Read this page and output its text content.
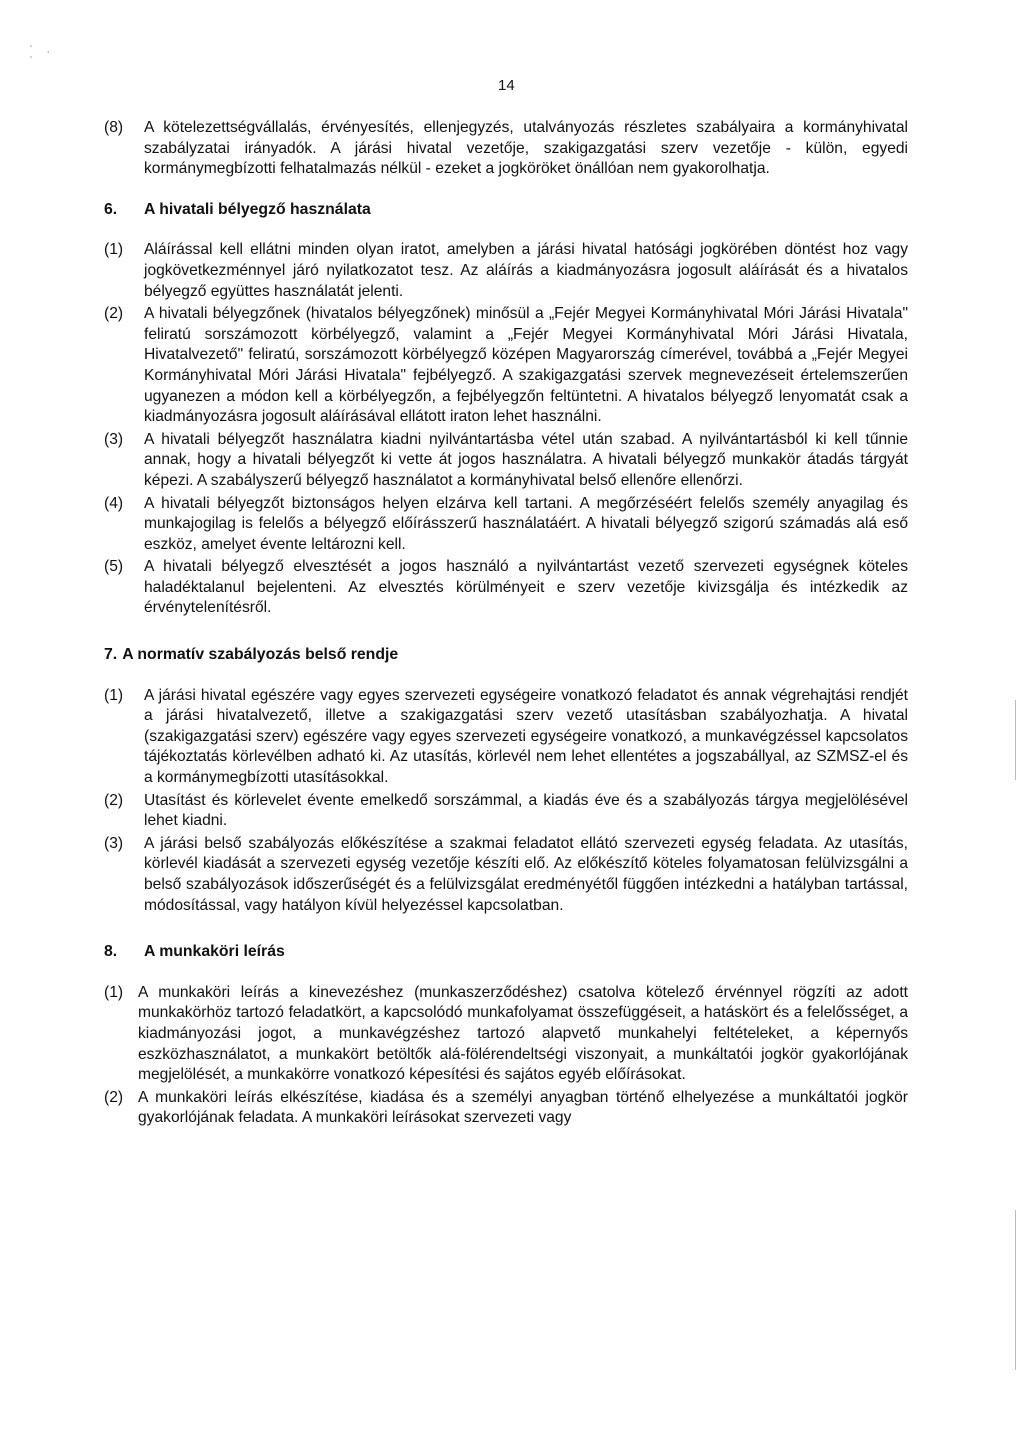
' , '
14
(8)	A kötelezettségvállalás, érvényesítés, ellenjegyzés, utalványozás részletes szabályaira a kormányhivatal szabályzatai irányadók. A járási hivatal vezetője, szakigazgatási szerv vezetője - külön, egyedi kormánymegbízotti felhatalmazás nélkül - ezeket a jogköröket önállóan nem gyakorolhatja.
6.	A hivatali bélyegző használata
(1)	Aláírással kell ellátni minden olyan iratot, amelyben a járási hivatal hatósági jogkörében döntést hoz vagy jogkövetkezménnyel járó nyilatkozatot tesz. Az aláírás a kiadmányozásra jogosult aláírását és a hivatalos bélyegző együttes használatát jelenti.
(2)	A hivatali bélyegzőnek (hivatalos bélyegzőnek) minősül a „Fejér Megyei Kormányhivatal Móri Járási Hivatala" feliratú sorszámozott körbélyegző, valamint a „Fejér Megyei Kormányhivatal Móri Járási Hivatala, Hivatalvezető" feliratú, sorszámozott körbélyegző középen Magyarország címerével, továbbá a „Fejér Megyei Kormányhivatal Móri Járási Hivatala" fejbélyegző. A szakigazgatási szervek megnevezéseit értelemszerűen ugyanezen a módon kell a körbélyegzőn, a fejbélyegzőn feltüntetni. A hivatalos bélyegző lenyomatát csak a kiadmányozásra jogosult aláírásával ellátott iraton lehet használni.
(3)	A hivatali bélyegzőt használatra kiadni nyilvántartásba vétel után szabad. A nyilvántartásból ki kell tűnnie annak, hogy a hivatali bélyegzőt ki vette át jogos használatra. A hivatali bélyegző munkakör átadás tárgyát képezi. A szabályszerű bélyegző használatot a kormányhivatal belső ellenőre ellenőrzi.
(4)	A hivatali bélyegzőt biztonságos helyen elzárva kell tartani. A megőrzéséért felelős személy anyagilag és munkajogilag is felelős a bélyegző előírásszerű használatáért. A hivatali bélyegző szigorú számadás alá eső eszköz, amelyet évente leltározni kell.
(5)	A hivatali bélyegző elvesztését a jogos használó a nyilvántartást vezető szervezeti egységnek köteles haladéktalanul bejelenteni. Az elvesztés körülményeit e szerv vezetője kivizsgálja és intézkedik az érvénytelenítésről.
7. A normatív szabályozás belső rendje
(1)	A járási hivatal egészére vagy egyes szervezeti egységeire vonatkozó feladatot és annak végrehajtási rendjét a járási hivatalvezető, illetve a szakigazgatási szerv vezető utasításban szabályozhatja. A hivatal (szakigazgatási szerv) egészére vagy egyes szervezeti egységeire vonatkozó, a munkavégzéssel kapcsolatos tájékoztatás körlevélben adható ki. Az utasítás, körlevél nem lehet ellentétes a jogszabállyal, az SZMSZ-el és a kormánymegbízotti utasításokkal.
(2)	Utasítást és körlevelet évente emelkedő sorszámmal, a kiadás éve és a szabályozás tárgya megjelölésével lehet kiadni.
(3)	A járási belső szabályozás előkészítése a szakmai feladatot ellátó szervezeti egység feladata. Az utasítás, körlevél kiadását a szervezeti egység vezetője készíti elő. Az előkészítő köteles folyamatosan felülvizsgálni a belső szabályozások időszerűségét és a felülvizsgálat eredményétől függően intézkedni a hatályban tartással, módosítással, vagy hatályon kívül helyezéssel kapcsolatban.
8.	A munkaköri leírás
(1) A munkaköri leírás a kinevezéshez (munkaszerződéshez) csatolva kötelező érvénnyel rögzíti az adott munkakörhöz tartozó feladatkört, a kapcsolódó munkafolyamat összefüggéseit, a hatáskört és a felelősséget, a kiadmányozási jogot, a munkavégzéshez tartozó alapvető munkahelyi feltételeket, a képernyős eszközhasználatot, a munkakört betöltők alá-fölérendeltségi viszonyait, a munkáltatói jogkör gyakorlójának megjelölését, a munkakörre vonatkozó képesítési és sajátos egyéb előírásokat.
(2) A munkaköri leírás elkészítése, kiadása és a személyi anyagban történő elhelyezése a munkáltatói jogkör gyakorlójának feladata. A munkaköri leírásokat szervezeti vagy
